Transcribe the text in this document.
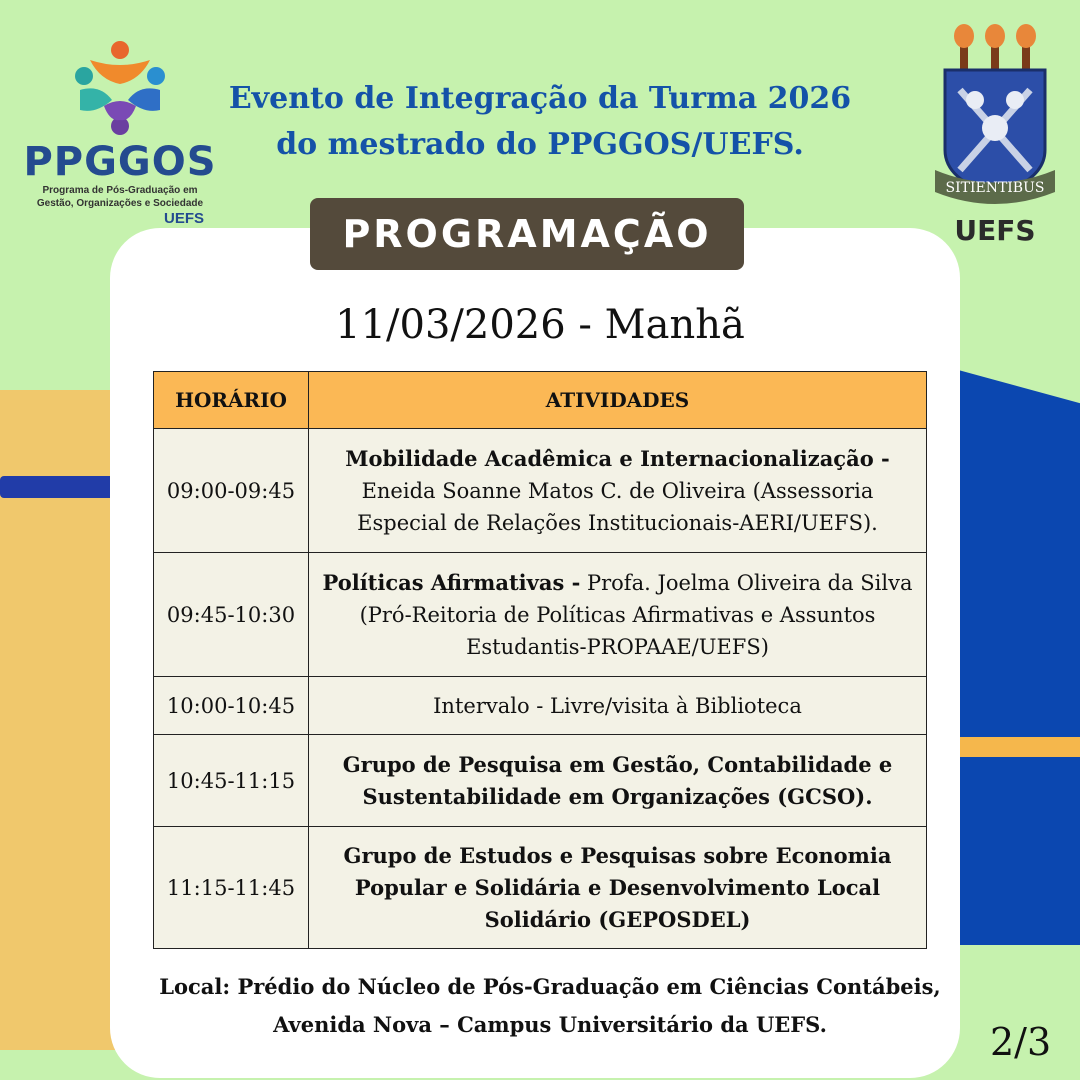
PPGGOS
Programa de Pós-Graduação em
Gestão, Organizações e Sociedade
UEFS
SITIENTIBUS
UEFS
Evento de Integração da Turma 2026
do mestrado do PPGGOS/UEFS.
PROGRAMAÇÃO
11/03/2026 - Manhã
HORÁRIO	ATIVIDADES
09:00-09:45	Mobilidade Acadêmica e Internacionalização - Eneida Soanne Matos C. de Oliveira (Assessoria Especial de Relações Institucionais-AERI/UEFS).
09:45-10:30	Políticas Afirmativas - Profa. Joelma Oliveira da Silva (Pró-Reitoria de Políticas Afirmativas e Assuntos Estudantis-PROPAAE/UEFS)
10:00-10:45	Intervalo - Livre/visita à Biblioteca
10:45-11:15	Grupo de Pesquisa em Gestão, Contabilidade e Sustentabilidade em Organizações (GCSO).
11:15-11:45	Grupo de Estudos e Pesquisas sobre Economia Popular e Solidária e Desenvolvimento Local Solidário (GEPOSDEL)
Local: Prédio do Núcleo de Pós-Graduação em Ciências Contábeis,
Avenida Nova – Campus Universitário da UEFS.	2/3
